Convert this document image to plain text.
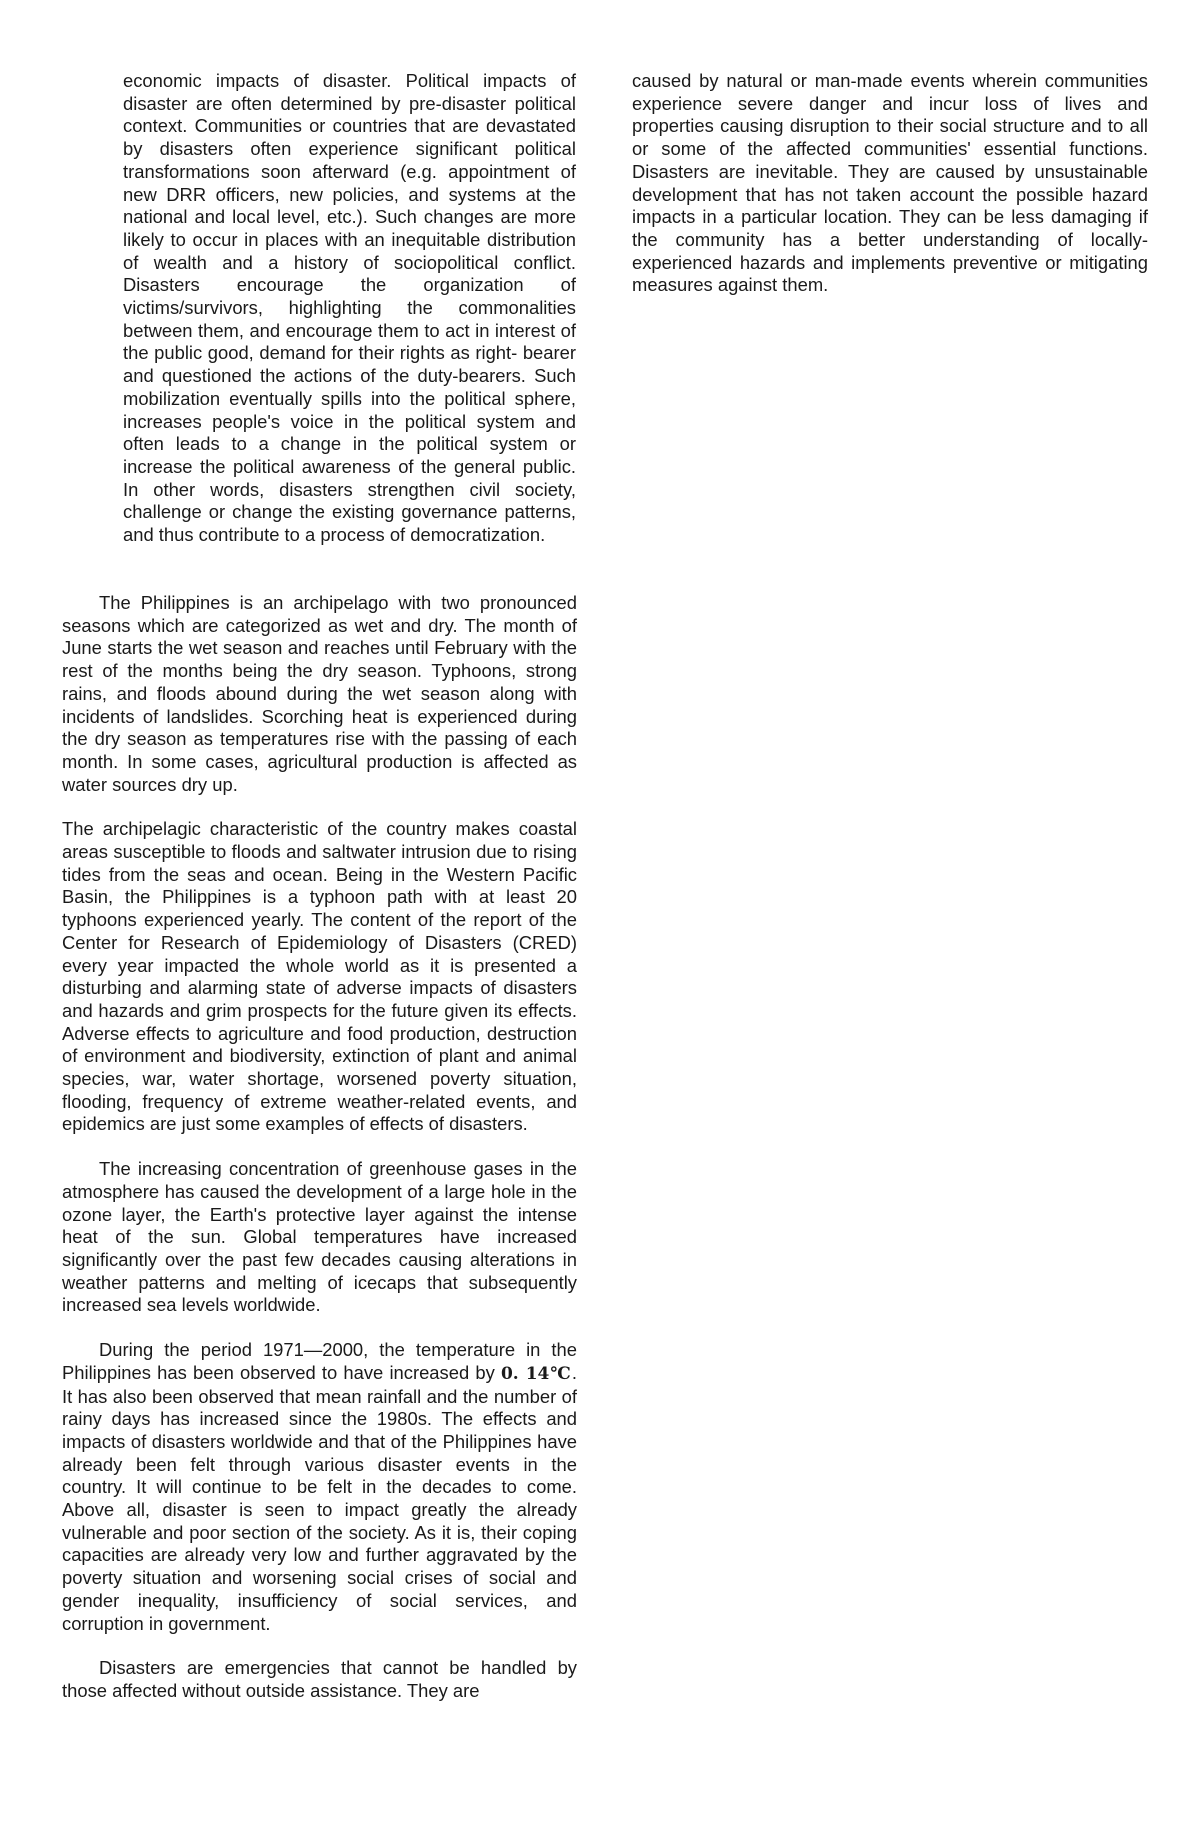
economic impacts of disaster. Political impacts of disaster are often determined by pre-disaster political context. Communities or countries that are devastated by disasters often experience significant political transformations soon afterward (e.g. appointment of new DRR officers, new policies, and systems at the national and local level, etc.). Such changes are more likely to occur in places with an inequitable distribution of wealth and a history of sociopolitical conflict. Disasters encourage the organization of victims/survivors, highlighting the commonalities between them, and encourage them to act in interest of the public good, demand for their rights as right- bearer and questioned the actions of the duty-bearers. Such mobilization eventually spills into the political sphere, increases people's voice in the political system and often leads to a change in the political system or increase the political awareness of the general public. In other words, disasters strengthen civil society, challenge or change the existing governance patterns, and thus contribute to a process of democratization.

The Philippines is an archipelago with two pronounced seasons which are categorized as wet and dry. The month of June starts the wet season and reaches until February with the rest of the months being the dry season. Typhoons, strong rains, and floods abound during the wet season along with incidents of landslides. Scorching heat is experienced during the dry season as temperatures rise with the passing of each month. In some cases, agricultural production is affected as water sources dry up.

The archipelagic characteristic of the country makes coastal areas susceptible to floods and saltwater intrusion due to rising tides from the seas and ocean. Being in the Western Pacific Basin, the Philippines is a typhoon path with at least 20 typhoons experienced yearly. The content of the report of the Center for Research of Epidemiology of Disasters (CRED) every year impacted the whole world as it is presented a disturbing and alarming state of adverse impacts of disasters and hazards and grim prospects for the future given its effects. Adverse effects to agriculture and food production, destruction of environment and biodiversity, extinction of plant and animal species, war, water shortage, worsened poverty situation, flooding, frequency of extreme weather-related events, and epidemics are just some examples of effects of disasters.

The increasing concentration of greenhouse gases in the atmosphere has caused the development of a large hole in the ozone layer, the Earth's protective layer against the intense heat of the sun. Global temperatures have increased significantly over the past few decades causing alterations in weather patterns and melting of icecaps that subsequently increased sea levels worldwide.

During the period 1971—2000, the temperature in the Philippines has been observed to have increased by 0. 14℃. It has also been observed that mean rainfall and the number of rainy days has increased since the 1980s. The effects and impacts of disasters worldwide and that of the Philippines have already been felt through various disaster events in the country. It will continue to be felt in the decades to come. Above all, disaster is seen to impact greatly the already vulnerable and poor section of the society. As it is, their coping capacities are already very low and further aggravated by the poverty situation and worsening social crises of social and gender inequality, insufficiency of social services, and corruption in government.

Disasters are emergencies that cannot be handled by those affected without outside assistance. They are

caused by natural or man-made events wherein communities experience severe danger and incur loss of lives and properties causing disruption to their social structure and to all or some of the affected communities' essential functions. Disasters are inevitable. They are caused by unsustainable development that has not taken account the possible hazard impacts in a particular location. They can be less damaging if the community has a better understanding of locally-experienced hazards and implements preventive or mitigating measures against them.
